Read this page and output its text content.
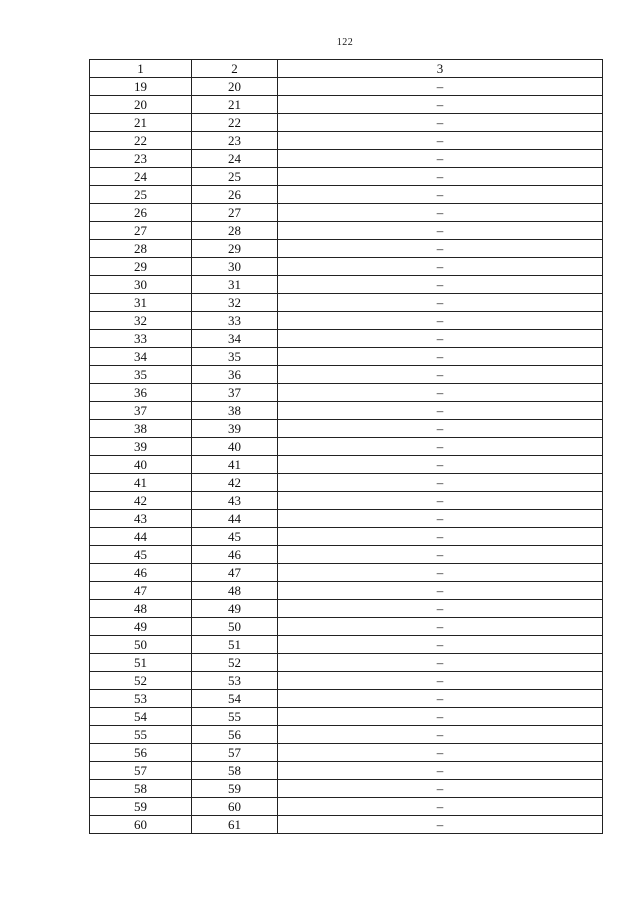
122
1	2	3
19	20	–
20	21	–
21	22	–
22	23	–
23	24	–
24	25	–
25	26	–
26	27	–
27	28	–
28	29	–
29	30	–
30	31	–
31	32	–
32	33	–
33	34	–
34	35	–
35	36	–
36	37	–
37	38	–
38	39	–
39	40	–
40	41	–
41	42	–
42	43	–
43	44	–
44	45	–
45	46	–
46	47	–
47	48	–
48	49	–
49	50	–
50	51	–
51	52	–
52	53	–
53	54	–
54	55	–
55	56	–
56	57	–
57	58	–
58	59	–
59	60	–
60	61	–
